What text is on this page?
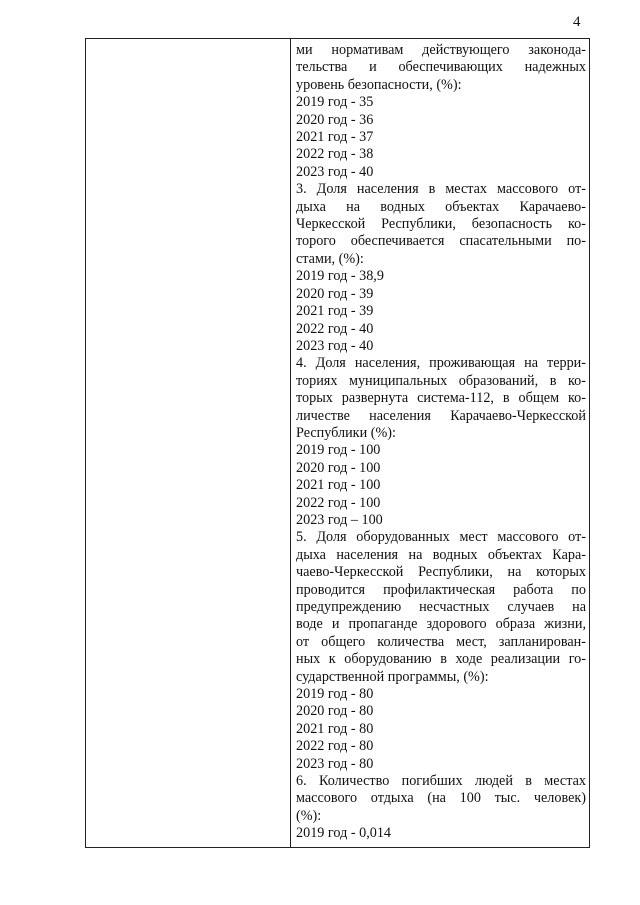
4
ми нормативам действующего законода-
тельства и обеспечивающих надежных
уровень безопасности, (%):
2019 год - 35
2020 год - 36
2021 год - 37
2022 год - 38
2023 год - 40
3. Доля населения в местах массового от-
дыха на водных объектах Карачаево-
Черкесской Республики, безопасность ко-
торого обеспечивается спасательными по-
стами, (%):
2019 год - 38,9
2020 год - 39
2021 год - 39
2022 год - 40
2023 год - 40
4. Доля населения, проживающая на терри-
ториях муниципальных образований, в ко-
торых развернута система-112, в общем ко-
личестве населения Карачаево-Черкесской
Республики (%):
2019 год - 100
2020 год - 100
2021 год - 100
2022 год - 100
2023 год – 100
5. Доля оборудованных мест массового от-
дыха населения на водных объектах Кара-
чаево-Черкесской Республики, на которых
проводится профилактическая работа по
предупреждению несчастных случаев на
воде и пропаганде здорового образа жизни,
от общего количества мест, запланирован-
ных к оборудованию в ходе реализации го-
сударственной программы, (%):
2019 год - 80
2020 год - 80
2021 год - 80
2022 год - 80
2023 год - 80
6. Количество погибших людей в местах
массового отдыха (на 100 тыс. человек)
(%):
2019 год - 0,014
